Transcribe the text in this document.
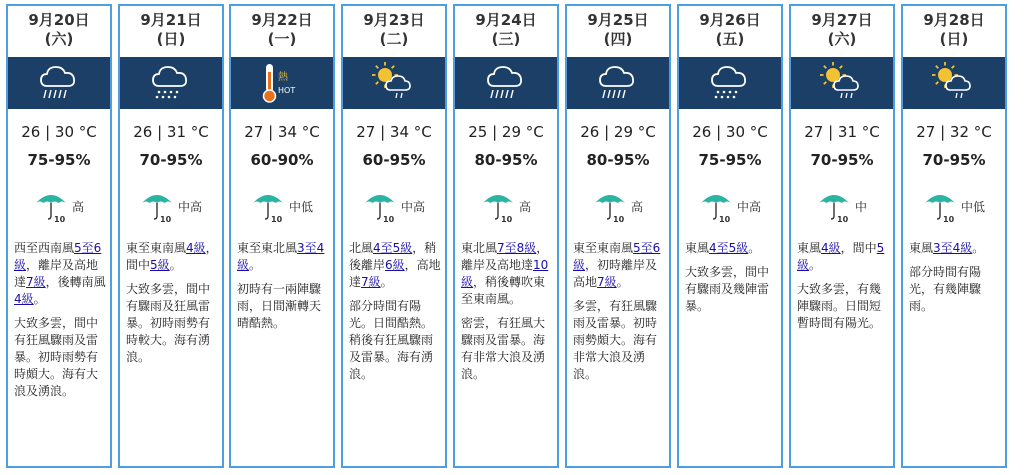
9月20日
(六)
26 | 30 °C
75-95%
10
高
西至西南風5至6級，離岸及高地達7級，後轉南風4級。
大致多雲，間中有狂風驟雨及雷暴。初時雨勢有時頗大。海有大浪及湧浪。
9月21日
(日)
26 | 31 °C
70-95%
10
中高
東至東南風4級，間中5級。
大致多雲，間中有驟雨及狂風雷暴。初時雨勢有時較大。海有湧浪。
9月22日
(一)
熱
HOT
27 | 34 °C
60-90%
10
中低
東至東北風3至4級。
初時有一兩陣驟雨，日間漸轉天晴酷熱。
9月23日
(二)
27 | 34 °C
60-95%
10
中高
北風4至5級，稍後離岸6級，高地達7級。
部分時間有陽光。日間酷熱。稍後有狂風驟雨及雷暴。海有湧浪。
9月24日
(三)
25 | 29 °C
80-95%
10
高
東北風7至8級，離岸及高地達10級，稍後轉吹東至東南風。
密雲，有狂風大驟雨及雷暴。海有非常大浪及湧浪。
9月25日
(四)
26 | 29 °C
80-95%
10
高
東至東南風5至6級，初時離岸及高地7級。
多雲，有狂風驟雨及雷暴。初時雨勢頗大。海有非常大浪及湧浪。
9月26日
(五)
26 | 30 °C
75-95%
10
中高
東風4至5級。
大致多雲，間中有驟雨及幾陣雷暴。
9月27日
(六)
27 | 31 °C
70-95%
10
中
東風4級，間中5級。
大致多雲，有幾陣驟雨。日間短暫時間有陽光。
9月28日
(日)
27 | 32 °C
70-95%
10
中低
東風3至4級。
部分時間有陽光，有幾陣驟雨。
